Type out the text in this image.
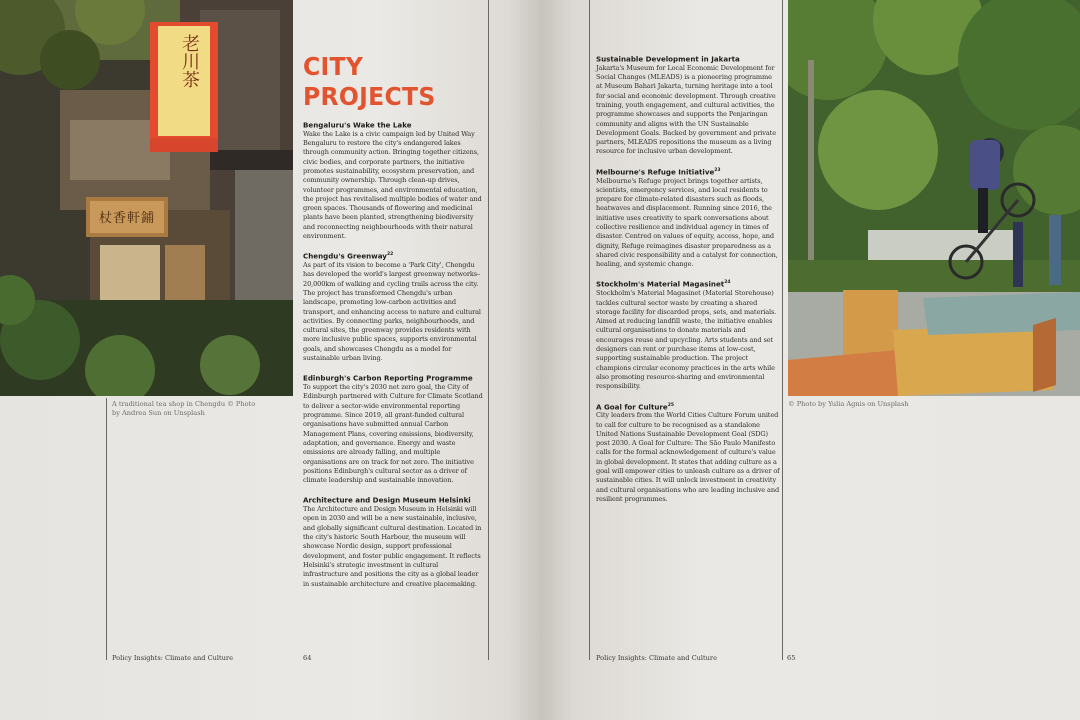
老川茶
杖香軒鋪
A traditional tea shop in Chengdu © Photo
by Andrea Sun on Unsplash
CITY PROJECTS
Bengaluru's Wake the Lake

Wake the Lake is a civic campaign led by United Way Bengaluru to restore the city's endangered lakes through community action. Bringing together citizens, civic bodies, and corporate partners, the initiative promotes sustainability, ecosystem preservation, and community ownership. Through clean-up drives, volunteer programmes, and environmental education, the project has revitalised multiple bodies of water and green spaces. Thousands of flowering and medicinal plants have been planted, strengthening biodiversity and reconnecting neighbourhoods with their natural environment.

Chengdu's Greenway$^{22}$

As part of its vision to become a 'Park City', Chengdu has developed the world's largest greenway networks–20,000km of walking and cycling trails across the city. The project has transformed Chengdu's urban landscape, promoting low-carbon activities and transport, and enhancing access to nature and cultural activities. By connecting parks, neighbourhoods, and cultural sites, the greenway provides residents with more inclusive public spaces, supports environmental goals, and showcases Chengdu as a model for sustainable urban living.

Edinburgh's Carbon Reporting Programme

To support the city's 2030 net zero goal, the City of Edinburgh partnered with Culture for Climate Scotland to deliver a sector-wide environmental reporting programme. Since 2019, all grant-funded cultural organisations have submitted annual Carbon Management Plans, covering emissions, biodiversity, adaptation, and governance. Energy and waste emissions are already falling, and multiple organisations are on track for net zero. The initiative positions Edinburgh's cultural sector as a driver of climate leadership and sustainable innovation.

Architecture and Design Museum Helsinki

The Architecture and Design Museum in Helsinki will open in 2030 and will be a new sustainable, inclusive, and globally significant cultural destination. Located in the city's historic South Harbour, the museum will showcase Nordic design, support professional development, and foster public engagement. It reflects Helsinki's strategic investment in cultural infrastructure and positions the city as a global leader in sustainable architecture and creative placemaking.

Policy Insights: Climate and Culture	64
Sustainable Development in Jakarta

Jakarta's Museum for Local Economic Development for Social Changes (MLEADS) is a pioneering programme at Museum Bahari Jakarta, turning heritage into a tool for social and economic development. Through creative training, youth engagement, and cultural activities, the programme showcases and supports the Penjaringan community and aligns with the UN Sustainable Development Goals. Backed by government and private partners, MLEADS repositions the museum as a living resource for inclusive urban development.

Melbourne's Refuge Initiative$^{23}$

Melbourne's Refuge project brings together artists, scientists, emergency services, and local residents to prepare for climate-related disasters such as floods, heatwaves and displacement. Running since 2016, the initiative uses creativity to spark conversations about collective resilience and individual agency in times of disaster. Centred on values of equity, access, hope, and dignity, Refuge reimagines disaster preparedness as a shared civic responsibility and a catalyst for connection, healing, and systemic change.

Stockholm's Material Magasinet$^{24}$

Stockholm's Material Magasinet (Material Storehouse) tackles cultural sector waste by creating a shared storage facility for discarded props, sets, and materials. Aimed at reducing landfill waste, the initiative enables cultural organisations to donate materials and encourages reuse and upcycling. Arts students and set designers can rent or purchase items at low-cost, supporting sustainable production. The project champions circular economy practices in the arts while also promoting resource-sharing and environmental responsibility.

A Goal for Culture$^{25}$

City leaders from the World Cities Culture Forum united to call for culture to be recognised as a standalone United Nations Sustainable Development Goal (SDG) post 2030. A Goal for Culture: The São Paulo Manifesto calls for the formal acknowledgement of culture's value in global development. It states that adding culture as a goal will empower cities to unleash culture as a driver of sustainable cities. It will unlock investment in creativity and cultural organisations who are leading inclusive and resilient programmes.

© Photo by Yulia Agnis on Unsplash
Policy Insights: Climate and Culture	65
